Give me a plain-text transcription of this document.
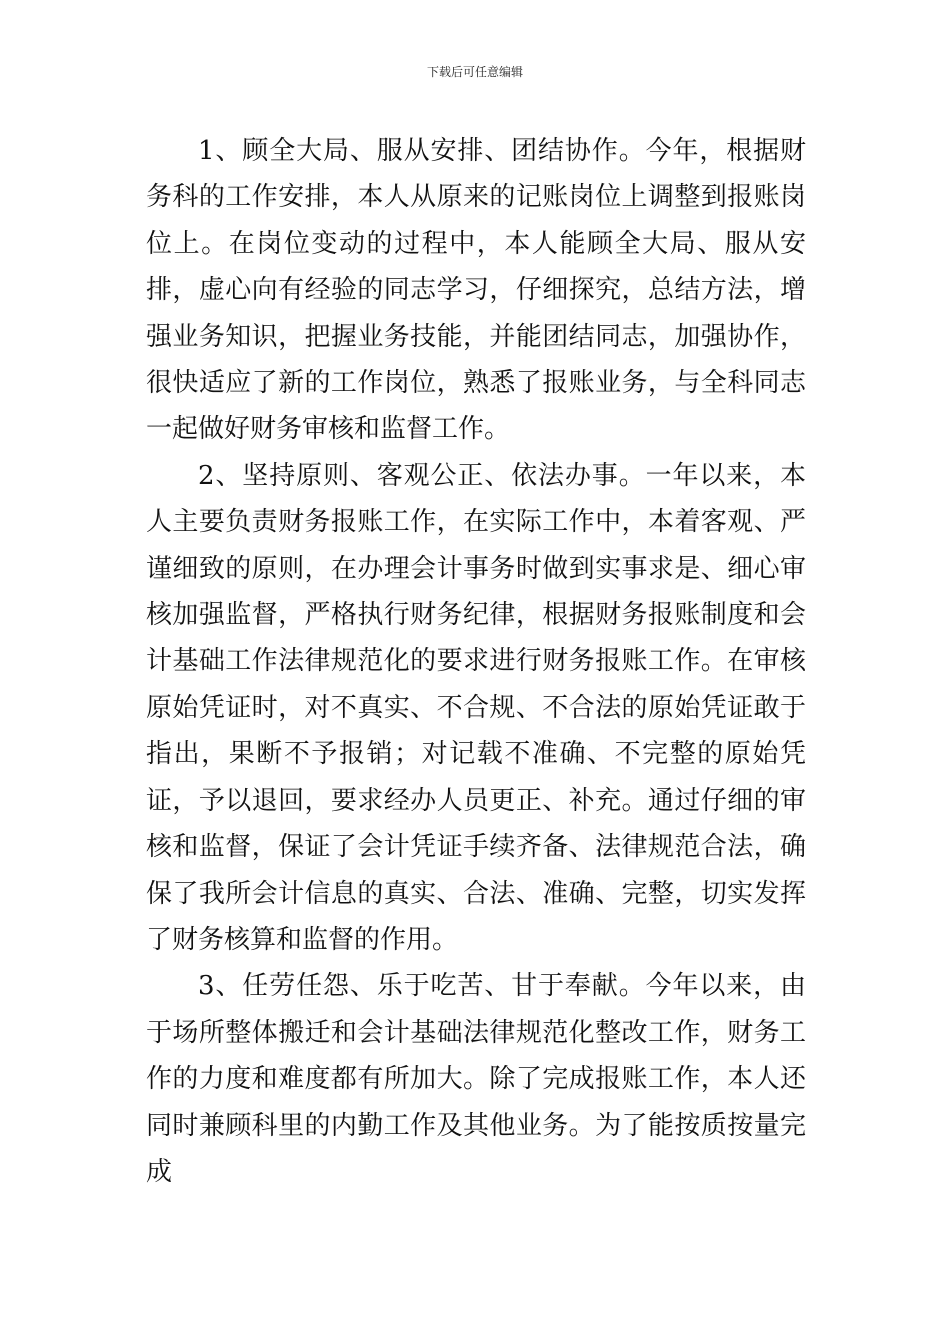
下载后可任意编辑

1、顾全大局、服从安排、团结协作。今年，根据财务科的工作安排，本人从原来的记账岗位上调整到报账岗位上。在岗位变动的过程中，本人能顾全大局、服从安排，虚心向有经验的同志学习，仔细探究，总结方法，增强业务知识，把握业务技能，并能团结同志，加强协作，很快适应了新的工作岗位，熟悉了报账业务，与全科同志一起做好财务审核和监督工作。

2、坚持原则、客观公正、依法办事。一年以来，本人主要负责财务报账工作，在实际工作中，本着客观、严谨细致的原则，在办理会计事务时做到实事求是、细心审核加强监督，严格执行财务纪律，根据财务报账制度和会计基础工作法律规范化的要求进行财务报账工作。在审核原始凭证时，对不真实、不合规、不合法的原始凭证敢于指出，果断不予报销；对记载不准确、不完整的原始凭证，予以退回，要求经办人员更正、补充。通过仔细的审核和监督，保证了会计凭证手续齐备、法律规范合法，确保了我所会计信息的真实、合法、准确、完整，切实发挥了财务核算和监督的作用。

3、任劳任怨、乐于吃苦、甘于奉献。今年以来，由于场所整体搬迁和会计基础法律规范化整改工作，财务工作的力度和难度都有所加大。除了完成报账工作，本人还同时兼顾科里的内勤工作及其他业务。为了能按质按量完成
